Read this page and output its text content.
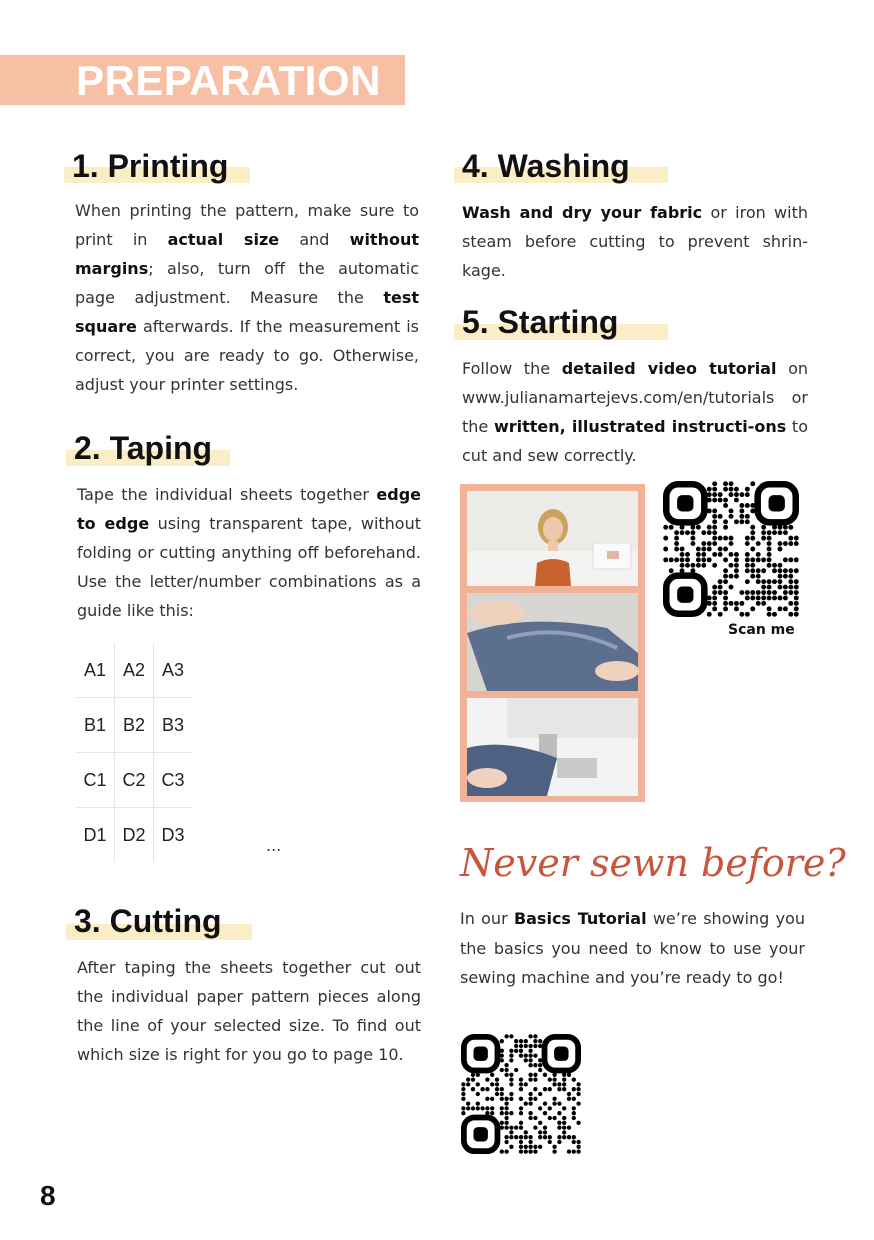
PREPARATION
1. Printing

When printing the pattern, make sure to print in actual size and without margins; also, turn off the automatic page adjustment. Measure the test square afterwards. If the measurement is correct, you are ready to go. Otherwise, adjust your printer settings.

2. Taping

Tape the individual sheets together edge to edge using transparent tape, without folding or cutting anything off beforehand. Use the letter/number combinations as a guide like this:

A1	A2	A3
B1	B2	B3
C1	C2	C3
D1	D2	D3
...
3. Cutting

After taping the sheets together cut out the individual paper pattern pieces along the line of your selected size. To find out which size is right for you go to page 10.

4. Washing

Wash and dry your fabric or iron with steam before cutting to prevent shrin-kage.

5. Starting

Follow the detailed video tutorial on www.julianamartejevs.com/en/tutorials or the written, illustrated instructi-ons to cut and sew correctly.

Scan me
Never sewn before?

In our Basics Tutorial we’re showing you the basics you need to know to use your sewing machine and you’re ready to go!

8
